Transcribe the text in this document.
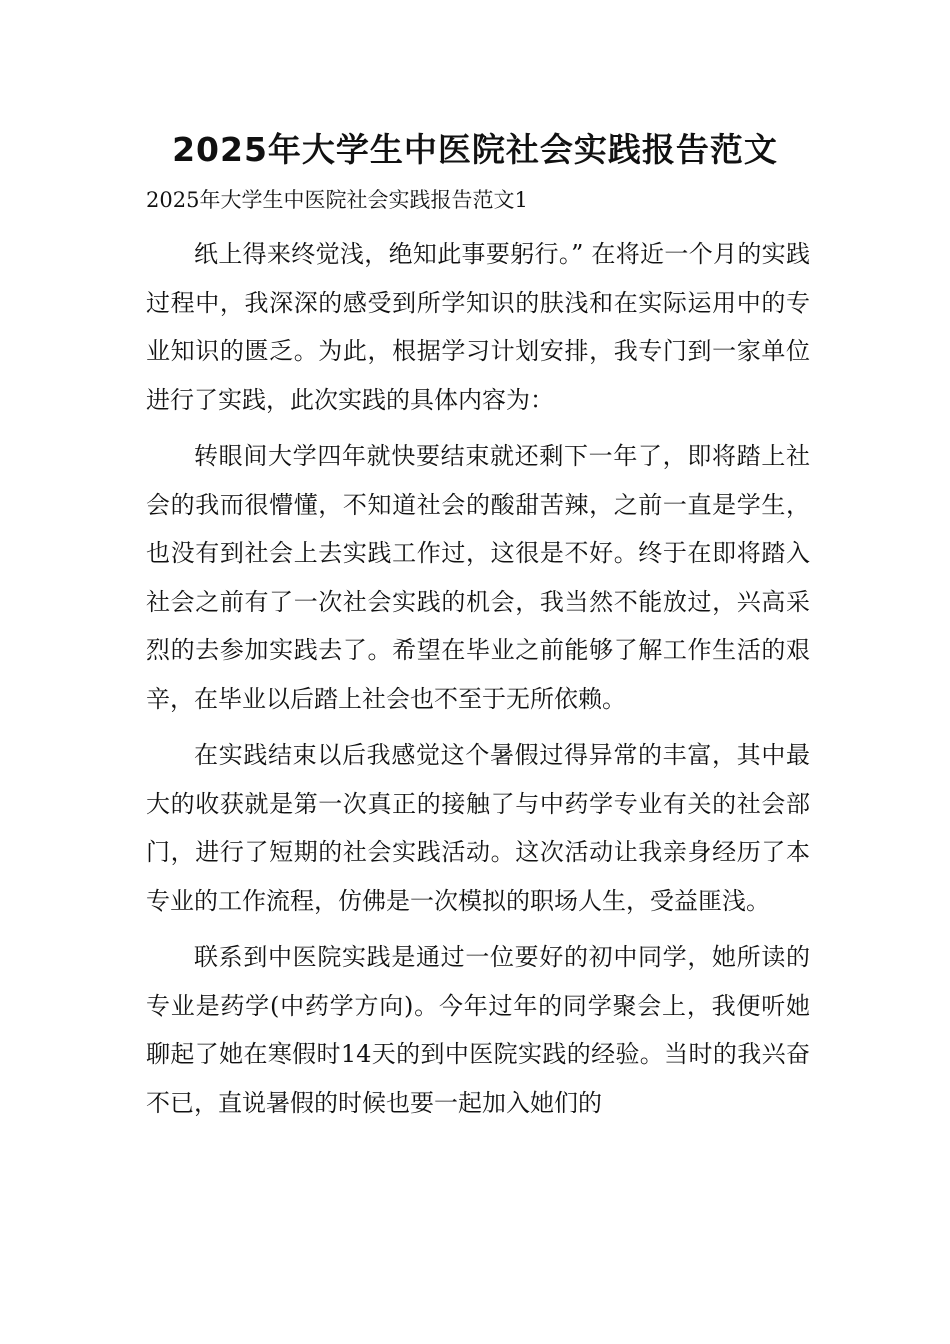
2025年大学生中医院社会实践报告范文

2025年大学生中医院社会实践报告范文1

纸上得来终觉浅，绝知此事要躬行。” 在将近一个月的实践过程中，我深深的感受到所学知识的肤浅和在实际运用中的专业知识的匮乏。为此，根据学习计划安排，我专门到一家单位进行了实践，此次实践的具体内容为：

转眼间大学四年就快要结束就还剩下一年了，即将踏上社会的我而很懵懂，不知道社会的酸甜苦辣，之前一直是学生，也没有到社会上去实践工作过，这很是不好。终于在即将踏入社会之前有了一次社会实践的机会，我当然不能放过，兴高采烈的去参加实践去了。希望在毕业之前能够了解工作生活的艰辛，在毕业以后踏上社会也不至于无所依赖。

在实践结束以后我感觉这个暑假过得异常的丰富，其中最大的收获就是第一次真正的接触了与中药学专业有关的社会部门，进行了短期的社会实践活动。这次活动让我亲身经历了本专业的工作流程，仿佛是一次模拟的职场人生，受益匪浅。

联系到中医院实践是通过一位要好的初中同学，她所读的专业是药学(中药学方向)。今年过年的同学聚会上，我便听她聊起了她在寒假时14天的到中医院实践的经验。当时的我兴奋不已，直说暑假的时候也要一起加入她们的
